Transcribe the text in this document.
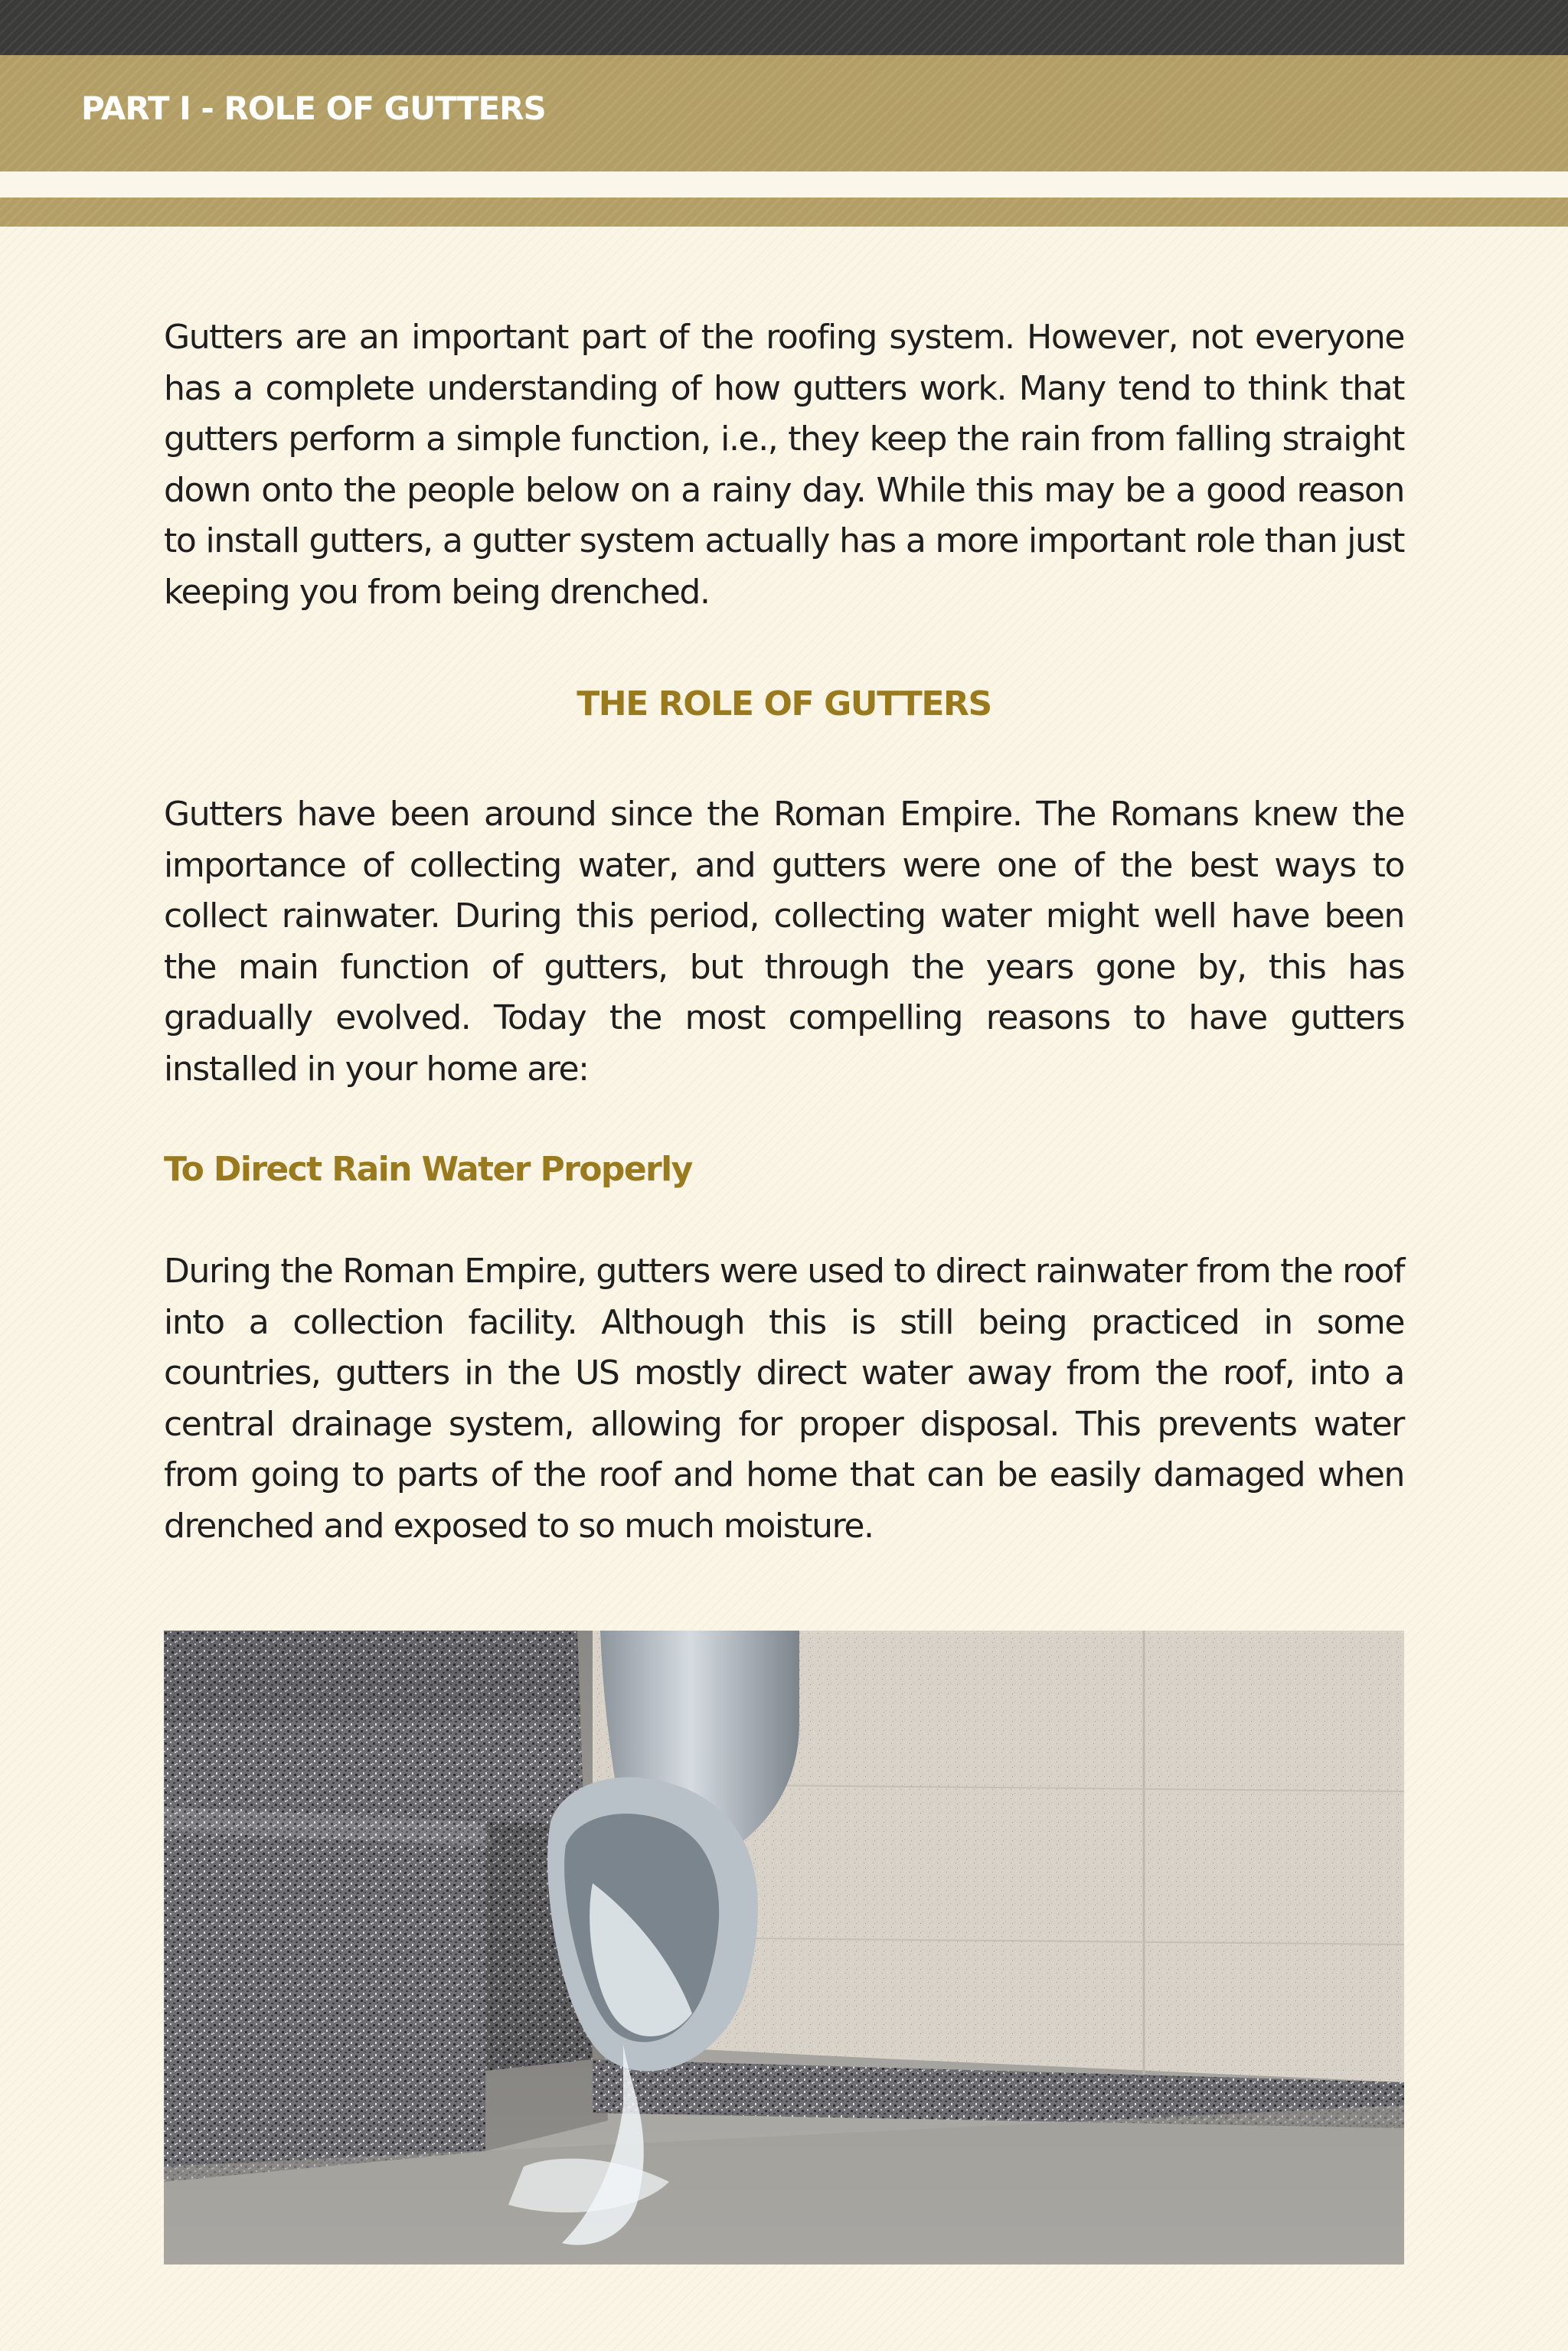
PART I - ROLE OF GUTTERS

Gutters are an important part of the roofing system. However, not everyone has a complete understanding of how gutters work. Many tend to think that gutters perform a simple function, i.e., they keep the rain from falling straight down onto the people below on a rainy day. While this may be a good reason to install gutters, a gutter system actually has a more important role than just keeping you from being drenched.

THE ROLE OF GUTTERS

Gutters have been around since the Roman Empire. The Romans knew the importance of collecting water, and gutters were one of the best ways to collect rainwater. During this period, collecting water might well have been the main function of gutters, but through the years gone by, this has gradually evolved. Today the most compelling reasons to have gutters installed in your home are:

To Direct Rain Water Properly

During the Roman Empire, gutters were used to direct rainwater from the roof into a collection facility. Although this is still being practiced in some countries, gutters in the US mostly direct water away from the roof, into a central drainage system, allowing for proper disposal. This prevents water from going to parts of the roof and home that can be easily damaged when drenched and exposed to so much moisture.
